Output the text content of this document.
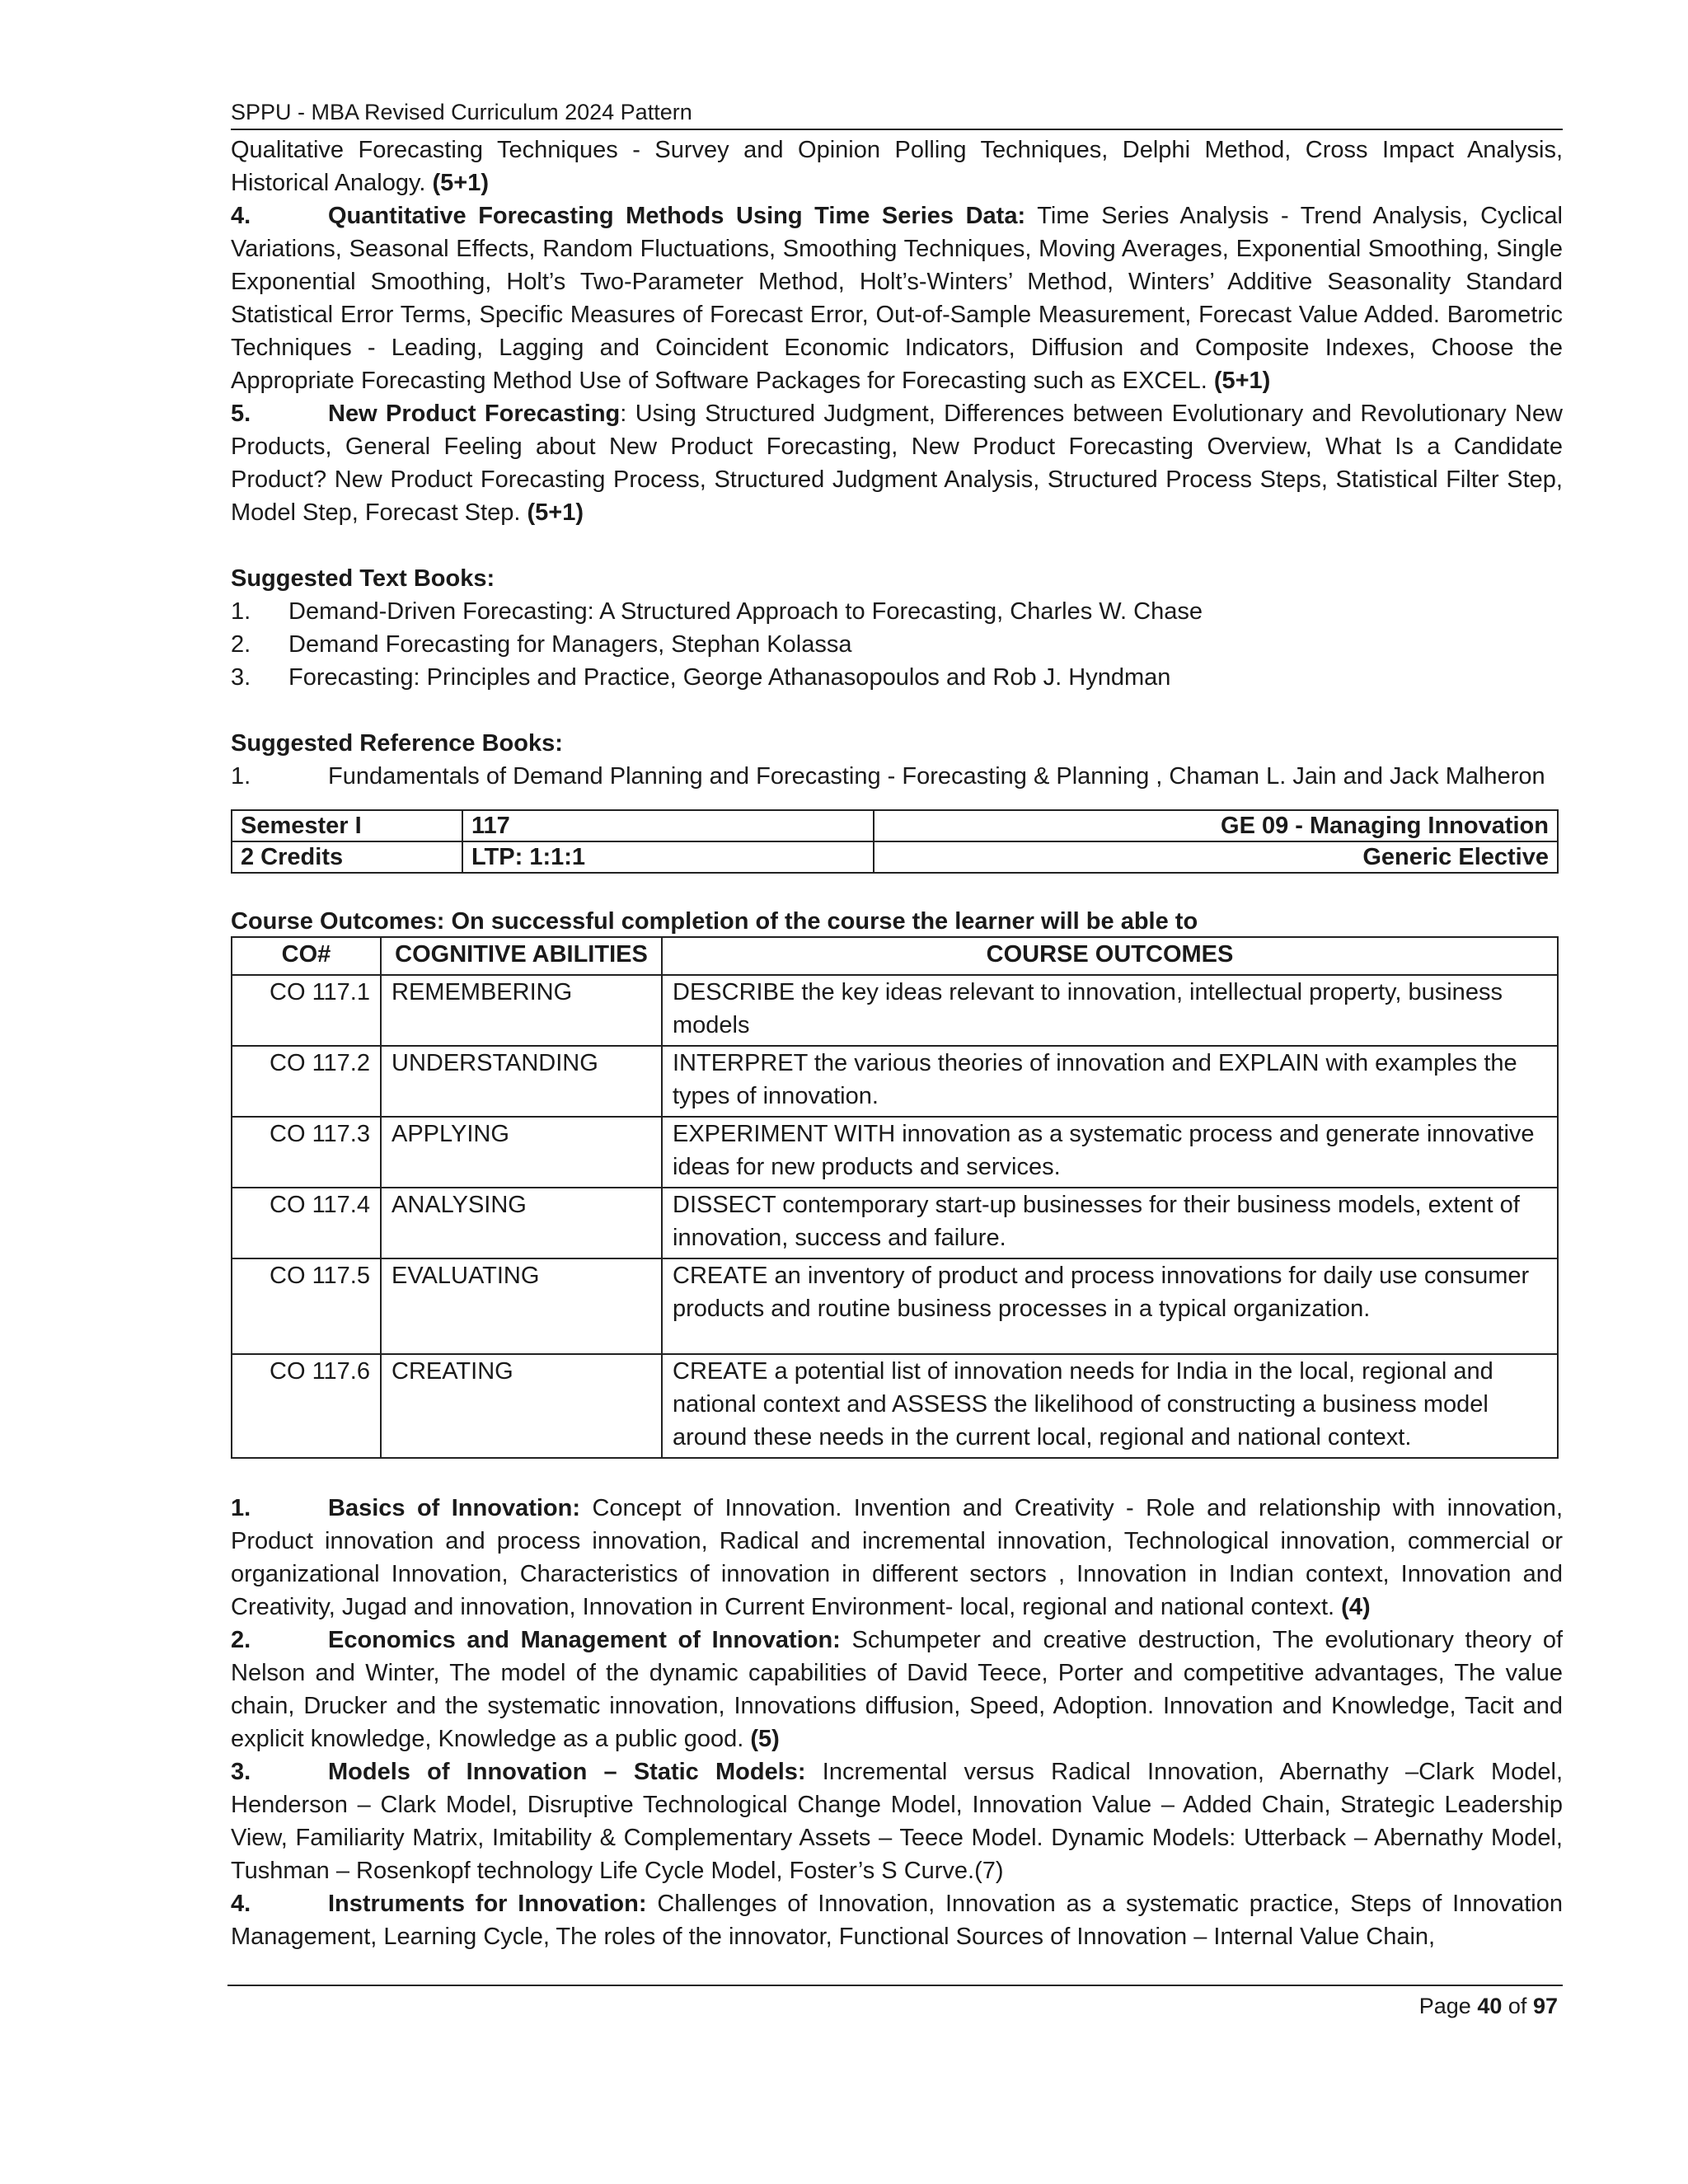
SPPU - MBA Revised Curriculum 2024 Pattern

Qualitative Forecasting Techniques - Survey and Opinion Polling Techniques, Delphi Method, Cross Impact Analysis, Historical Analogy. (5+1)

4.	Quantitative Forecasting Methods Using Time Series Data: Time Series Analysis - Trend Analysis, Cyclical Variations, Seasonal Effects, Random Fluctuations, Smoothing Techniques, Moving Averages, Exponential Smoothing, Single Exponential Smoothing, Holt’s Two-Parameter Method, Holt’s-Winters’ Method, Winters’ Additive Seasonality Standard Statistical Error Terms, Specific Measures of Forecast Error, Out-of-Sample Measurement, Forecast Value Added. Barometric Techniques - Leading, Lagging and Coincident Economic Indicators, Diffusion and Composite Indexes, Choose the Appropriate Forecasting Method Use of Software Packages for Forecasting such as EXCEL. (5+1)

5.	New Product Forecasting: Using Structured Judgment, Differences between Evolutionary and Revolutionary New Products, General Feeling about New Product Forecasting, New Product Forecasting Overview, What Is a Candidate Product? New Product Forecasting Process, Structured Judgment Analysis, Structured Process Steps, Statistical Filter Step, Model Step, Forecast Step. (5+1)

Suggested Text Books:
1.	Demand-Driven Forecasting: A Structured Approach to Forecasting, Charles W. Chase
2.	Demand Forecasting for Managers, Stephan Kolassa
3.	Forecasting: Principles and Practice, George Athanasopoulos and Rob J. Hyndman
Suggested Reference Books:
1.	Fundamentals of Demand Planning and Forecasting - Forecasting & Planning , Chaman L. Jain and Jack Malheron
Semester I	117	GE 09 - Managing Innovation
2 Credits	LTP: 1:1:1	Generic Elective
Course Outcomes: On successful completion of the course the learner will be able to
CO#	COGNITIVE ABILITIES	COURSE OUTCOMES
CO 117.1	REMEMBERING	DESCRIBE the key ideas relevant to innovation, intellectual property, business models
CO 117.2	UNDERSTANDING	INTERPRET the various theories of innovation and EXPLAIN with examples the types of innovation.
CO 117.3	APPLYING	EXPERIMENT WITH innovation as a systematic process and generate innovative ideas for new products and services.
CO 117.4	ANALYSING	DISSECT contemporary start-up businesses for their business models, extent of innovation, success and failure.
CO 117.5	EVALUATING	CREATE an inventory of product and process innovations for daily use consumer products and routine business processes in a typical organization.
CO 117.6	CREATING	CREATE a potential list of innovation needs for India in the local, regional and national context and ASSESS the likelihood of constructing a business model around these needs in the current local, regional and national context.

1.	Basics of Innovation: Concept of Innovation. Invention and Creativity - Role and relationship with innovation, Product innovation and process innovation, Radical and incremental innovation, Technological innovation, commercial or organizational Innovation, Characteristics of innovation in different sectors , Innovation in Indian context, Innovation and Creativity, Jugad and innovation, Innovation in Current Environment- local, regional and national context. (4)

2.	Economics and Management of Innovation: Schumpeter and creative destruction, The evolutionary theory of Nelson and Winter, The model of the dynamic capabilities of David Teece, Porter and competitive advantages, The value chain, Drucker and the systematic innovation, Innovations diffusion, Speed, Adoption. Innovation and Knowledge, Tacit and explicit knowledge, Knowledge as a public good. (5)

3.	Models of Innovation – Static Models: Incremental versus Radical Innovation, Abernathy –Clark Model, Henderson – Clark Model, Disruptive Technological Change Model, Innovation Value – Added Chain, Strategic Leadership View, Familiarity Matrix, Imitability & Complementary Assets – Teece Model. Dynamic Models: Utterback – Abernathy Model, Tushman – Rosenkopf technology Life Cycle Model, Foster’s S Curve.(7)

4.	Instruments for Innovation: Challenges of Innovation, Innovation as a systematic practice, Steps of Innovation Management, Learning Cycle, The roles of the innovator, Functional Sources of Innovation – Internal Value Chain,

Page 40 of 97
